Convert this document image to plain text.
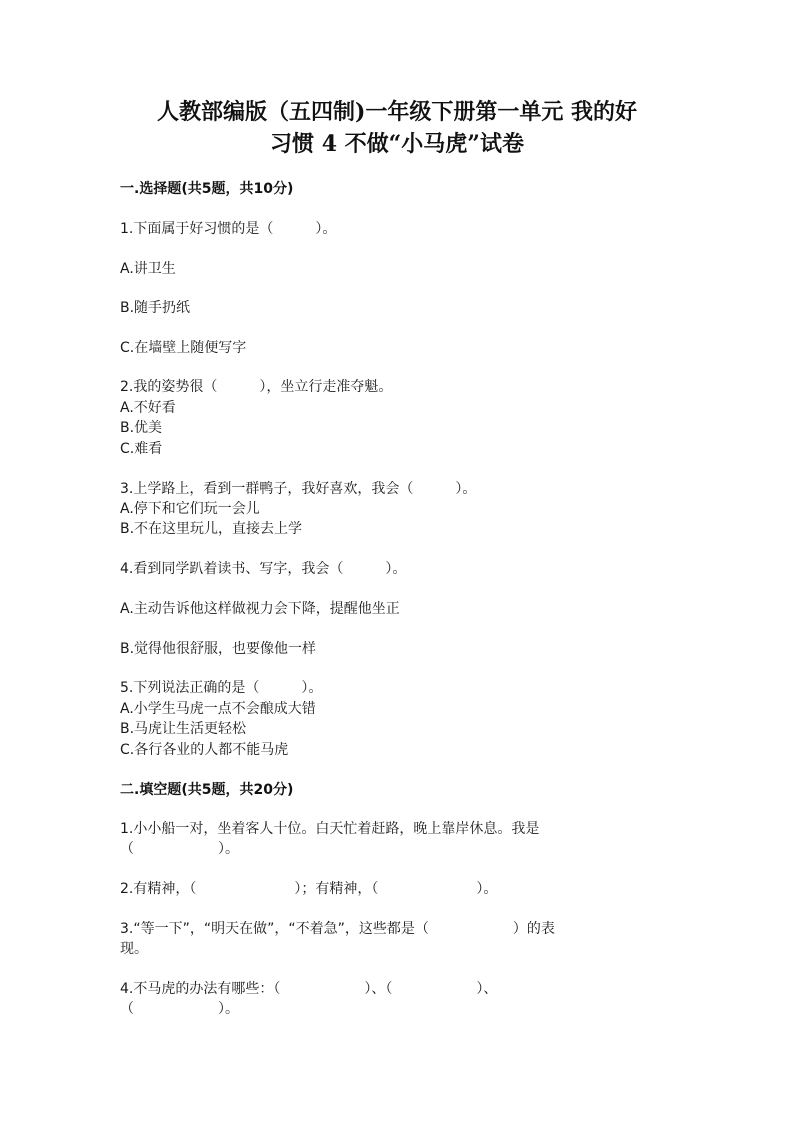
人教部编版（五四制)一年级下册第一单元 我的好
习惯 4 不做“小马虎”试卷
一.选择题(共5题，共10分)
1.下面属于好习惯的是（　　　）。
A.讲卫生
B.随手扔纸
C.在墙壁上随便写字
2.我的姿势很（　　　），坐立行走准夺魁。
A.不好看
B.优美
C.难看
3.上学路上，看到一群鸭子，我好喜欢，我会（　　　）。
A.停下和它们玩一会儿
B.不在这里玩儿，直接去上学
4.看到同学趴着读书、写字，我会（　　　）。
A.主动告诉他这样做视力会下降，提醒他坐正
B.觉得他很舒服，也要像他一样
5.下列说法正确的是（　　　）。
A.小学生马虎一点不会酿成大错
B.马虎让生活更轻松
C.各行各业的人都不能马虎
二.填空题(共5题，共20分)
1.小小船一对，坐着客人十位。白天忙着赶路，晚上靠岸休息。我是
（　　　　　　）。
2.有精神，（　　　　　　　）；有精神，（　　　　　　　）。
3.“等一下”，“明天在做”，“不着急”，这些都是（　　　　　　）的表
现。
4.不马虎的办法有哪些：（　　　　　　）、（　　　　　　）、
（　　　　　　）。
